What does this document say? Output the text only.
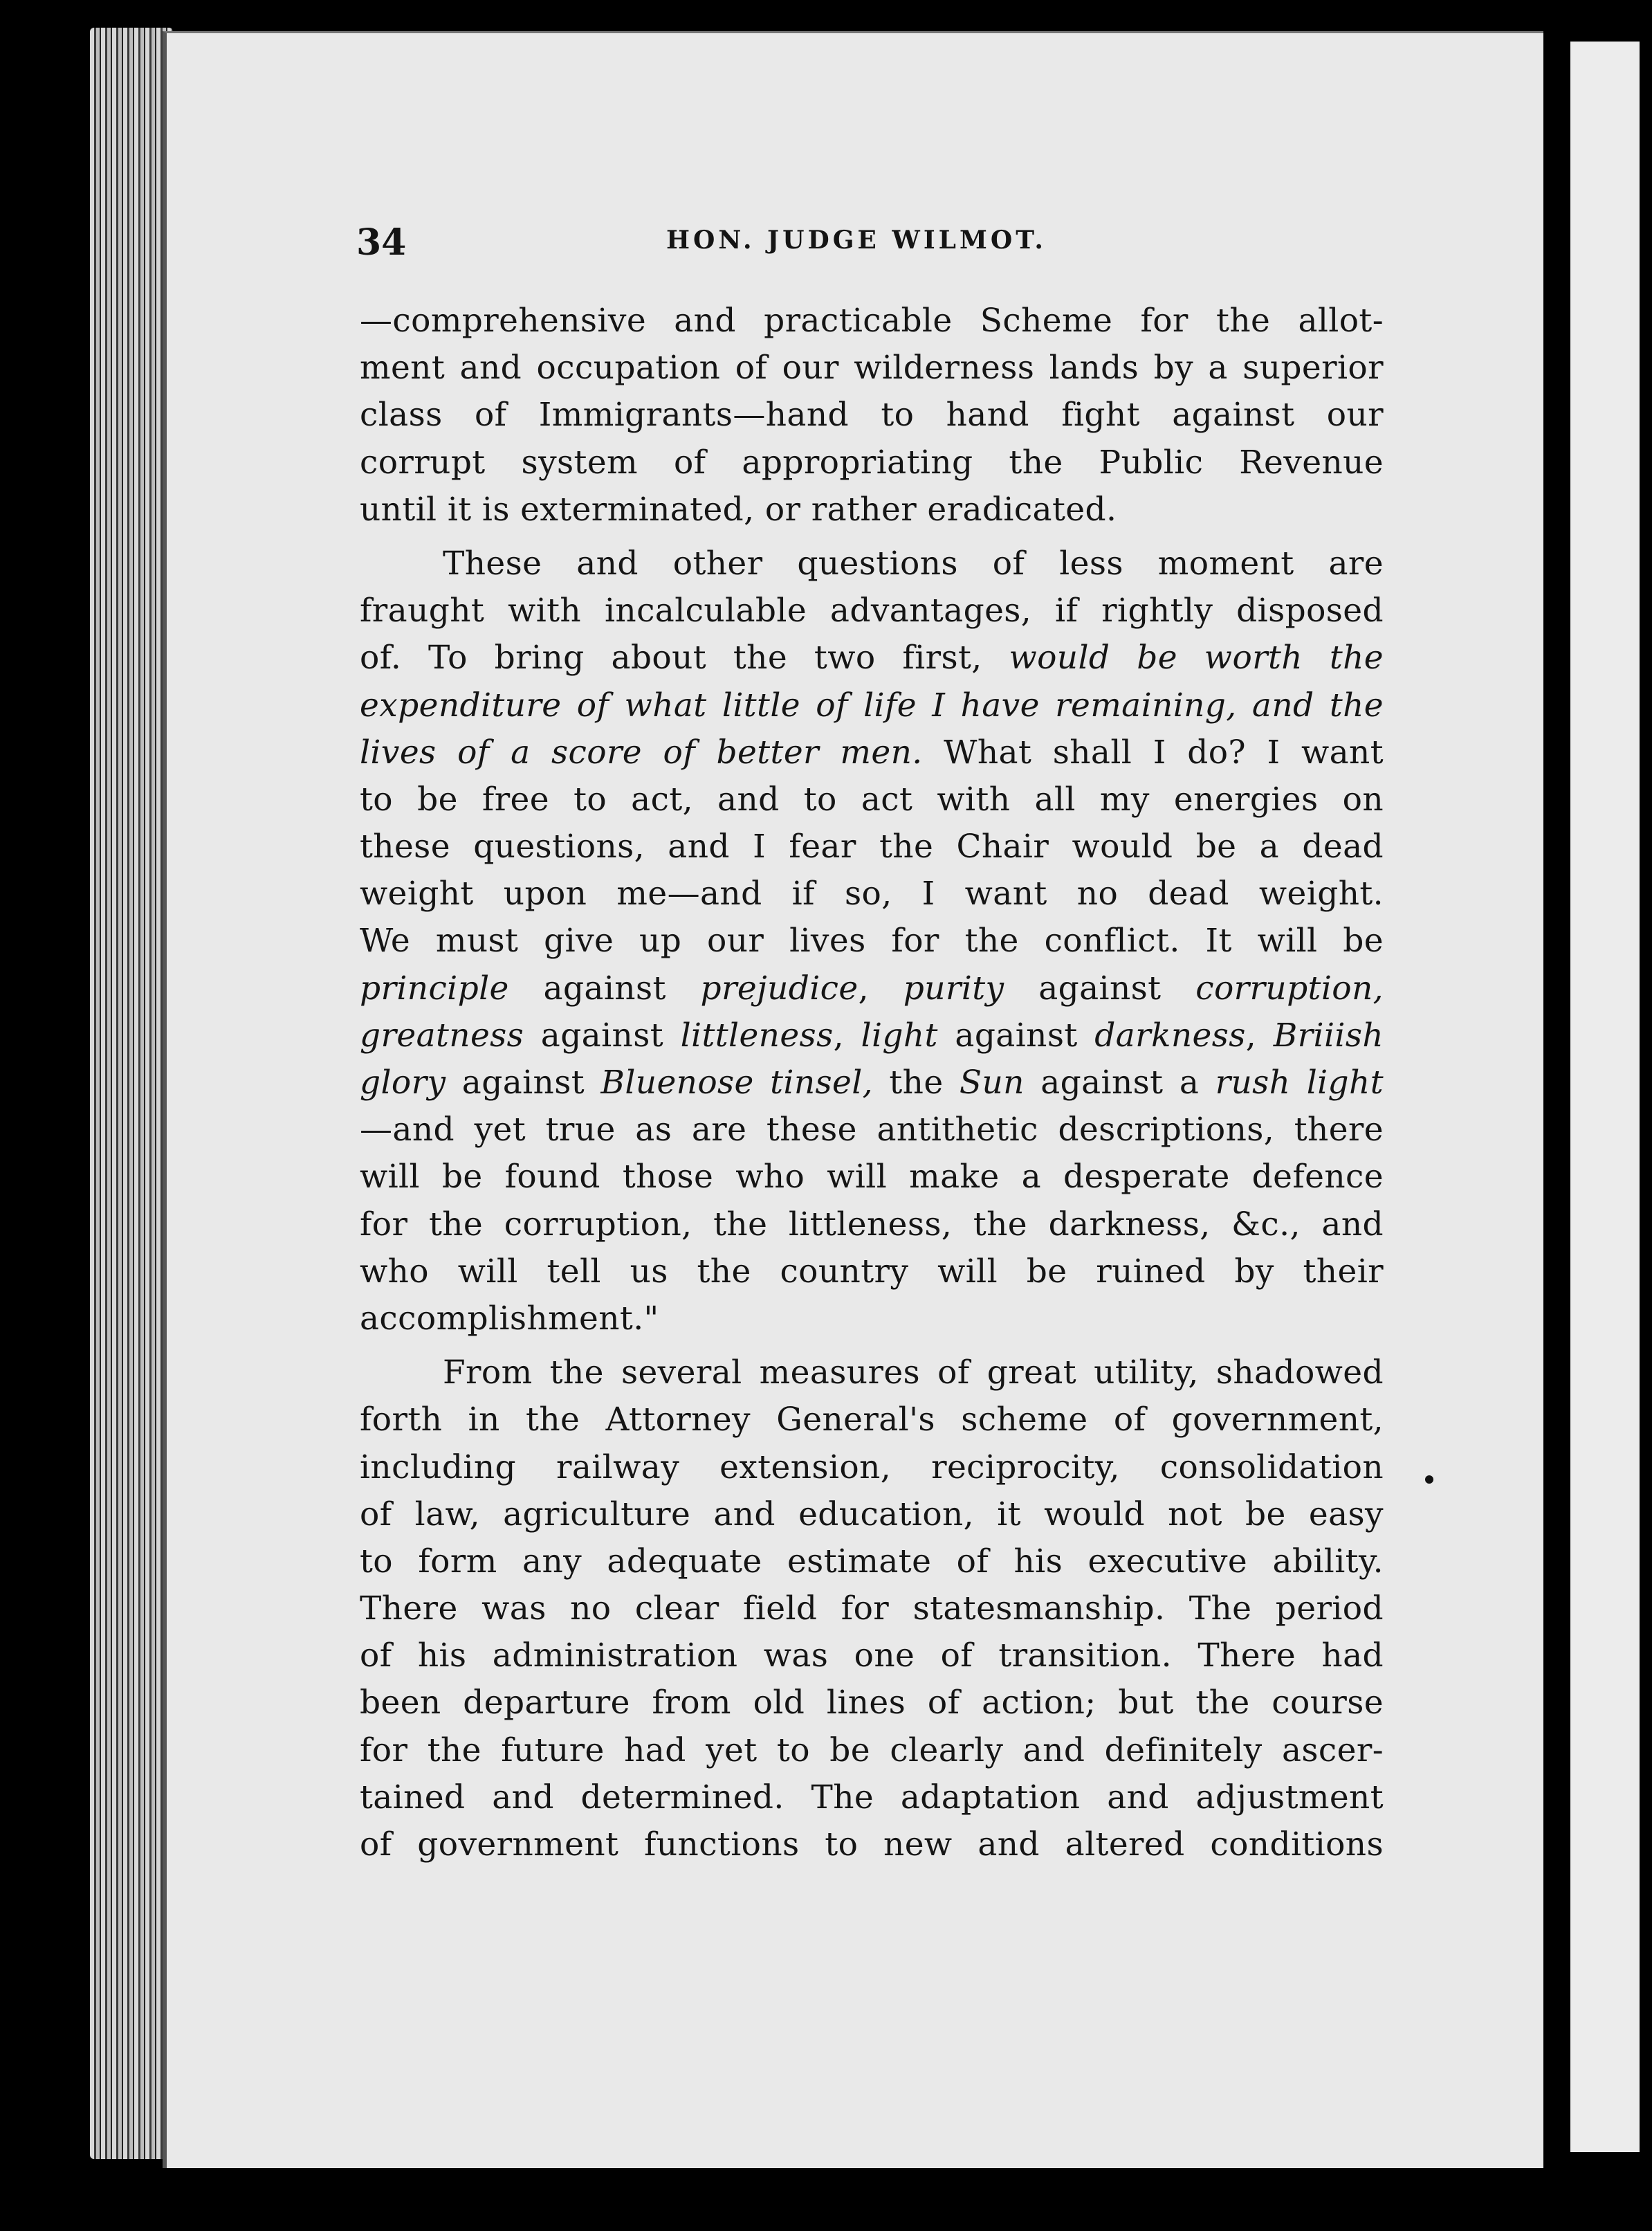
34	HON. JUDGE WILMOT.
—comprehensive and practicable Scheme for the allot-
ment and occupation of our wilderness lands by a superior
class of Immigrants—hand to hand fight against our
corrupt system of appropriating the Public Revenue
until it is exterminated, or rather eradicated.
These and other questions of less moment are
fraught with incalculable advantages, if rightly disposed
of. To bring about the two first, would be worth the
expenditure of what little of life I have remaining, and the
lives of a score of better men. What shall I do? I want
to be free to act, and to act with all my energies on
these questions, and I fear the Chair would be a dead
weight upon me—and if so, I want no dead weight.
We must give up our lives for the conflict. It will be
principle against prejudice, purity against corruption,
greatness against littleness, light against darkness, Briiish
glory against Bluenose tinsel, the Sun against a rush light
—and yet true as are these antithetic descriptions, there
will be found those who will make a desperate defence
for the corruption, the littleness, the darkness, &c., and
who will tell us the country will be ruined by their
accomplishment."
From the several measures of great utility, shadowed
forth in the Attorney General's scheme of government,
including railway extension, reciprocity, consolidation
of law, agriculture and education, it would not be easy
to form any adequate estimate of his executive ability.
There was no clear field for statesmanship. The period
of his administration was one of transition. There had
been departure from old lines of action; but the course
for the future had yet to be clearly and definitely ascer-
tained and determined. The adaptation and adjustment
of government functions to new and altered conditions
